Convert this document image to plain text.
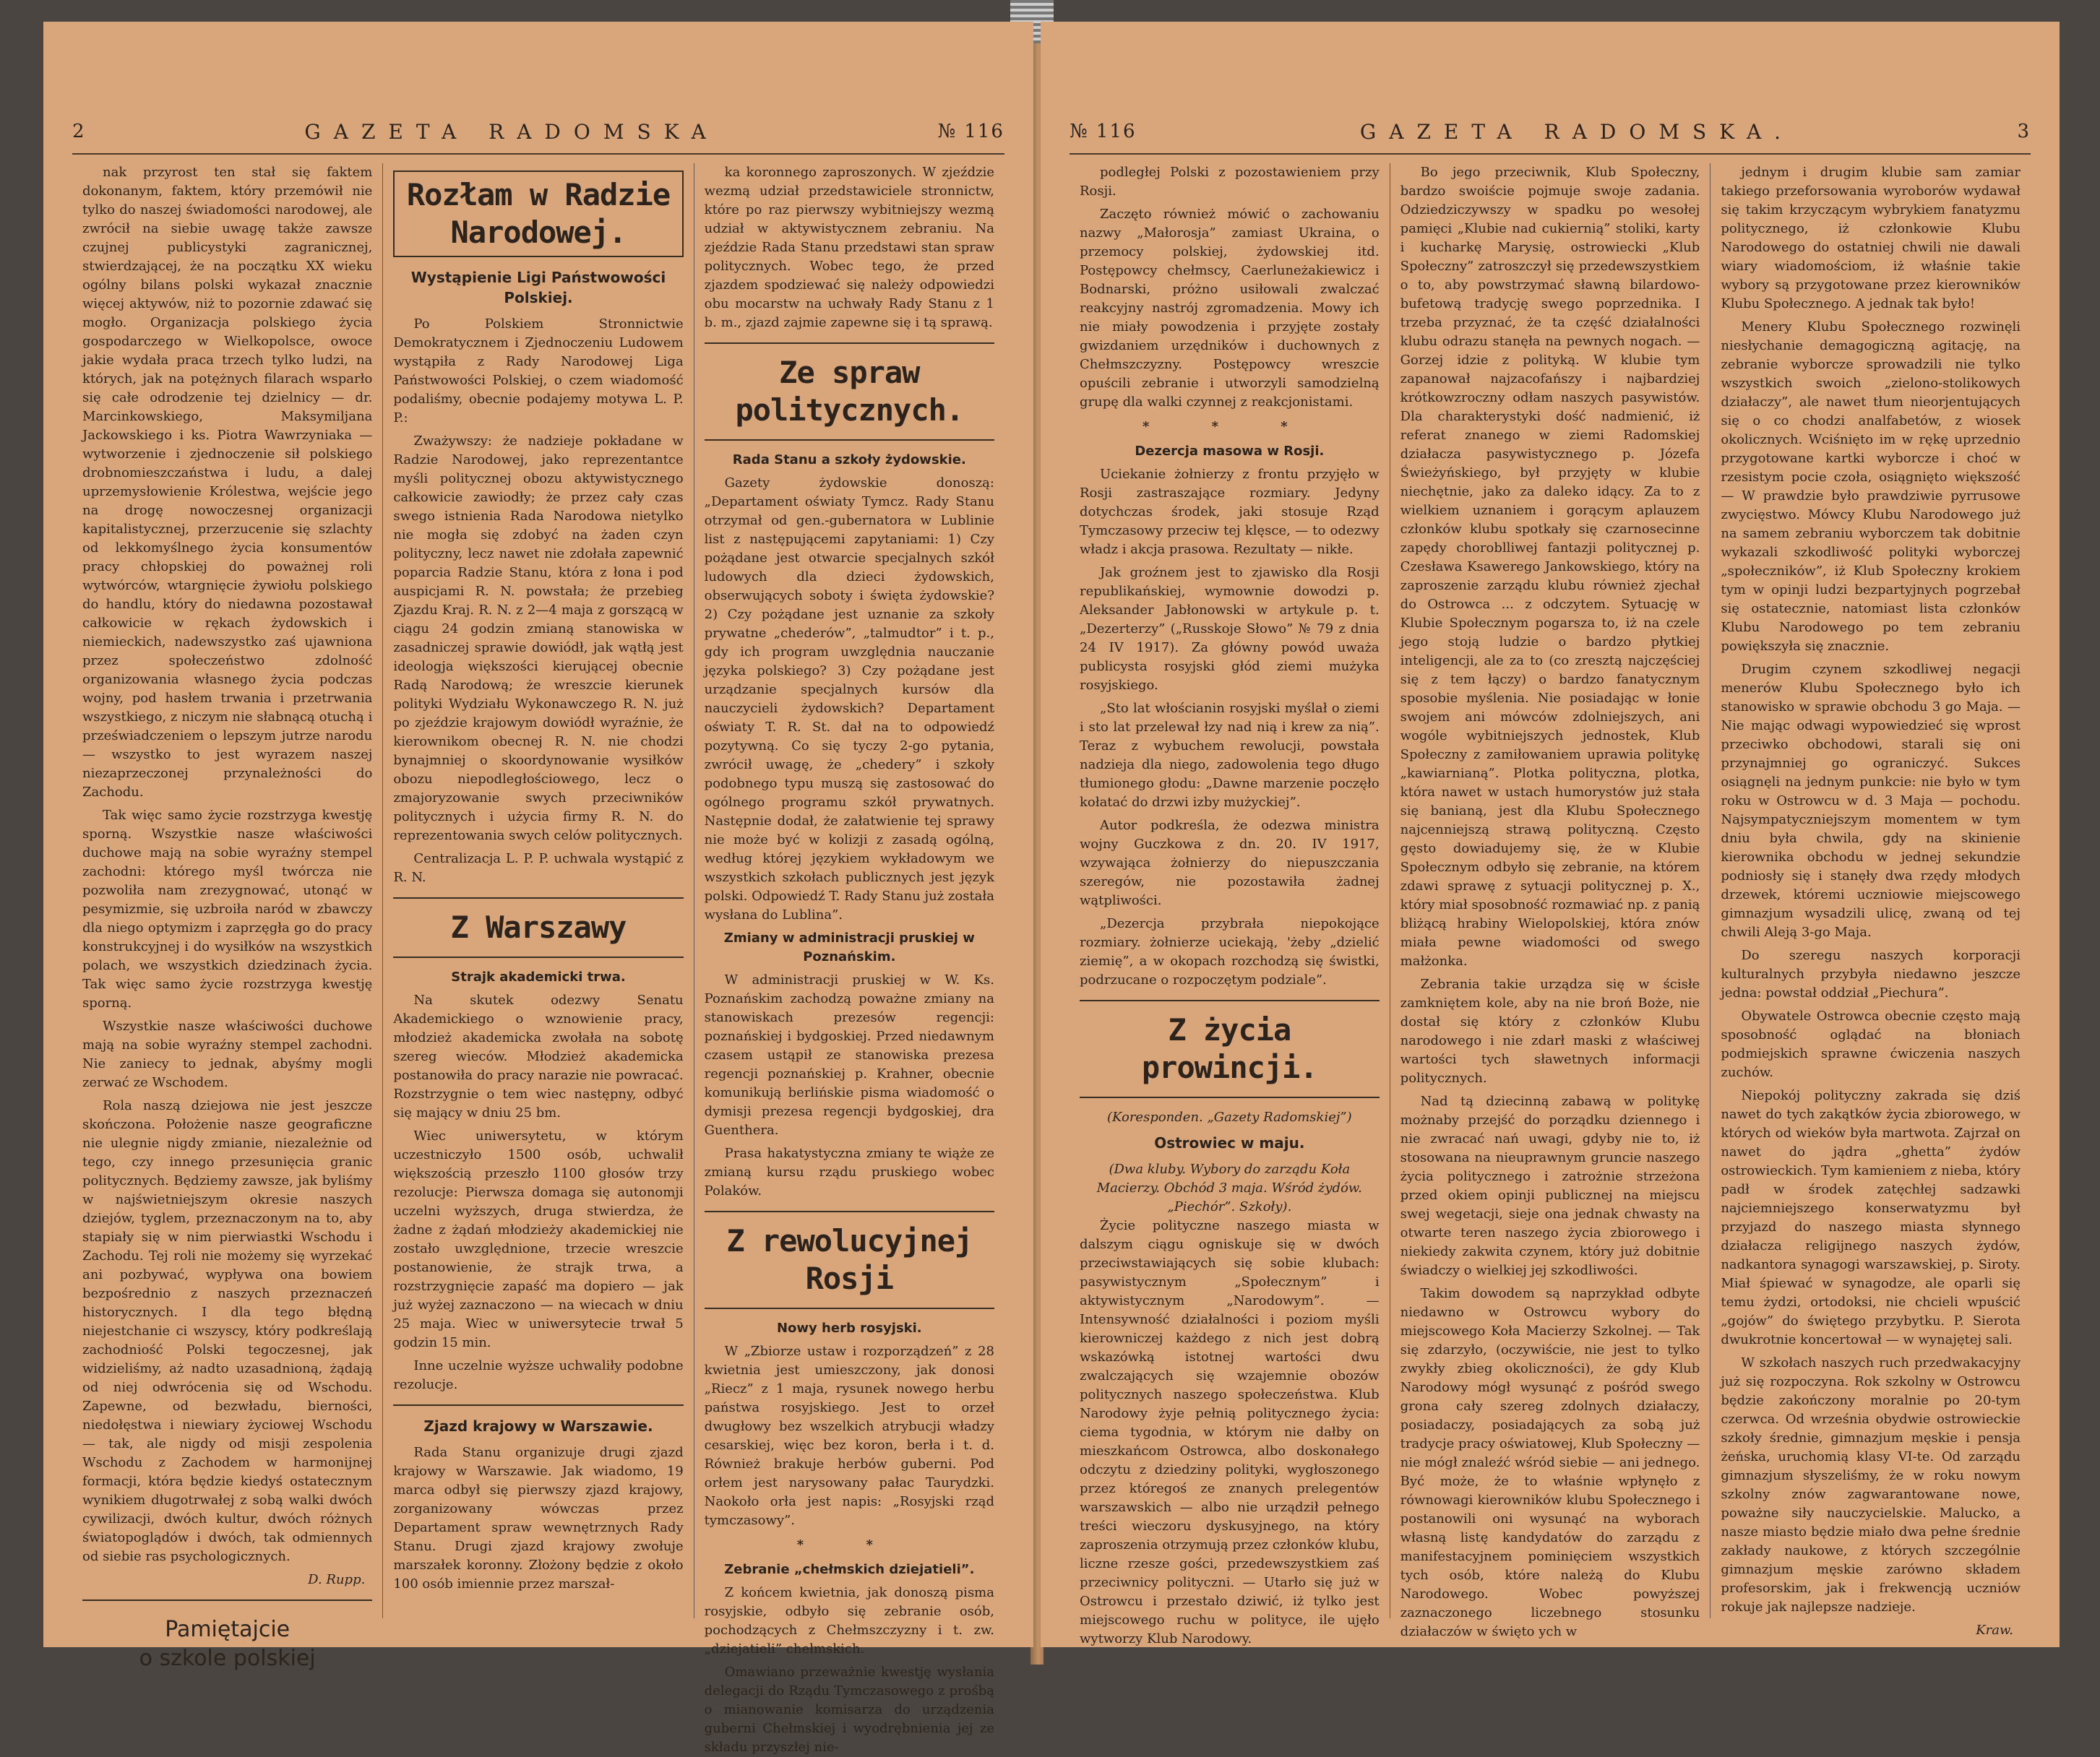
2	GAZETA RADOMSKA	№ 116

nak przyrost ten stał się faktem dokonanym, faktem, który przemówił nie tylko do naszej świadomości narodowej, ale zwrócił na siebie uwagę także zawsze czujnej publicystyki zagranicznej, stwierdzającej, że na początku XX wieku ogólny bilans polski wykazał znacznie więcej aktywów, niż to pozornie zdawać się mogło. Organizacja polskiego życia gospodarczego w Wielkopolsce, owoce jakie wydała praca trzech tylko ludzi, na których, jak na potężnych filarach wsparło się całe odrodzenie tej dzielnicy — dr. Marcinkowskiego, Maksymiljana Jackowskiego i ks. Piotra Wawrzyniaka — wytworzenie i zjednoczenie sił polskiego drobnomieszczaństwa i ludu, a dalej uprzemysłowienie Królestwa, wejście jego na drogę nowoczesnej organizacji kapitalistycznej, przerzucenie się szlachty od lekkomyślnego życia konsumentów pracy chłopskiej do poważnej roli wytwórców, wtargnięcie żywiołu polskiego do handlu, który do niedawna pozostawał całkowicie w rękach żydowskich i niemieckich, nadewszystko zaś ujawniona przez społeczeństwo zdolność organizowania własnego życia podczas wojny, pod hasłem trwania i przetrwania wszystkiego, z niczym nie słabnącą otuchą i przeświadczeniem o lepszym jutrze narodu — wszystko to jest wyrazem naszej niezaprzeczonej przynależności do Zachodu.

Tak więc samo życie rozstrzyga kwestję sporną. Wszystkie nasze właściwości duchowe mają na sobie wyraźny stempel zachodni: którego myśl twórcza nie pozwoliła nam zrezygnować, utonąć w pesymizmie, się uzbroiła naród w zbawczy dla niego optymizm i zaprzęgła go do pracy konstrukcyjnej i do wysiłków na wszystkich polach, we wszystkich dziedzinach życia. Tak więc samo życie rozstrzyga kwestję sporną.

Wszystkie nasze właściwości duchowe mają na sobie wyraźny stempel zachodni. Nie zaniecy to jednak, abyśmy mogli zerwać ze Wschodem.

Rola naszą dziejowa nie jest jeszcze skończona. Położenie nasze geograficzne nie ulegnie nigdy zmianie, niezależnie od tego, czy innego przesunięcia granic politycznych. Będziemy zawsze, jak byliśmy w najświetniejszym okresie naszych dziejów, tyglem, przeznaczonym na to, aby stapiały się w nim pierwiastki Wschodu i Zachodu. Tej roli nie możemy się wyrzekać ani pozbywać, wypływa ona bowiem bezpośrednio z naszych przeznaczeń historycznych. I dla tego błędną niejestchanie ci wszyscy, który podkreślają zachodniość Polski tegoczesnej, jak widzieliśmy, aż nadto uzasadnioną, żądają od niej odwrócenia się od Wschodu. Zapewne, od bezwładu, bierności, niedołęstwa i niewiary życiowej Wschodu — tak, ale nigdy od misji zespolenia Wschodu z Zachodem w harmonijnej formacji, która będzie kiedyś ostatecznym wynikiem długotrwałej z sobą walki dwóch cywilizacji, dwóch kultur, dwóch różnych światopoglądów i dwóch, tak odmiennych od siebie ras psychologicznych.

D. Rupp.
Pamiętajcie
o szkole polskiej
Rozłam w Radzie Narodowej.
Wystąpienie Ligi Państwowości Polskiej.

Po Polskiem Stronnictwie Demokratycznem i Zjednoczeniu Ludowem wystąpiła z Rady Narodowej Liga Państwowości Polskiej, o czem wiadomość podaliśmy, obecnie podajemy motywa L. P. P.:

Zważywszy: że nadzieje pokładane w Radzie Narodowej, jako reprezentantce myśli politycznej obozu aktywistycznego całkowicie zawiodły; że przez cały czas swego istnienia Rada Narodowa nietylko nie mogła się zdobyć na żaden czyn polityczny, lecz nawet nie zdołała zapewnić poparcia Radzie Stanu, która z łona i pod auspicjami R. N. powstała; że przebieg Zjazdu Kraj. R. N. z 2—4 maja z gorszącą w ciągu 24 godzin zmianą stanowiska w zasadniczej sprawie dowiódł, jak wątłą jest ideologja większości kierującej obecnie Radą Narodową; że wreszcie kierunek polityki Wydziału Wykonawczego R. N. już po zjeździe krajowym dowiódł wyraźnie, że kierownikom obecnej R. N. nie chodzi bynajmniej o skoordynowanie wysiłków obozu niepodległościowego, lecz o zmajoryzowanie swych przeciwników politycznych i użycia firmy R. N. do reprezentowania swych celów politycznych.

Centralizacja L. P. P. uchwala wystąpić z R. N.

Z Warszawy
Strajk akademicki trwa.

Na skutek odezwy Senatu Akademickiego o wznowienie pracy, młodzież akademicka zwołała na sobotę szereg wieców. Młodzież akademicka postanowiła do pracy narazie nie powracać. Rozstrzygnie o tem wiec następny, odbyć się mający w dniu 25 bm.

Wiec uniwersytetu, w którym uczestniczyło 1500 osób, uchwalił większością przeszło 1100 głosów trzy rezolucje: Pierwsza domaga się autonomji uczelni wyższych, druga stwierdza, że żadne z żądań młodzieży akademickiej nie zostało uwzględnione, trzecie wreszcie postanowienie, że strajk trwa, a rozstrzygnięcie zapaść ma dopiero — jak już wyżej zaznaczono — na wiecach w dniu 25 maja. Wiec w uniwersytecie trwał 5 godzin 15 min.

Inne uczelnie wyższe uchwaliły podobne rezolucje.

Zjazd krajowy w Warszawie.

Rada Stanu organizuje drugi zjazd krajowy w Warszawie. Jak wiadomo, 19 marca odbył się pierwszy zjazd krajowy, zorganizowany wówczas przez Departament spraw wewnętrznych Rady Stanu. Drugi zjazd krajowy zwołuje marszałek koronny. Złożony będzie z około 100 osób imiennie przez marszał-

ka koronnego zaproszonych. W zjeździe wezmą udział przedstawiciele stronnictw, które po raz pierwszy wybitniejszy wezmą udział w aktywistycznem zebraniu. Na zjeździe Rada Stanu przedstawi stan spraw politycznych. Wobec tego, że przed zjazdem spodziewać się należy odpowiedzi obu mocarstw na uchwały Rady Stanu z 1 b. m., zjazd zajmie zapewne się i tą sprawą.

Ze spraw politycznych.
Rada Stanu a szkoły żydowskie.

Gazety żydowskie donoszą: „Departament oświaty Tymcz. Rady Stanu otrzymał od gen.-gubernatora w Lublinie list z następującemi zapytaniami: 1) Czy pożądane jest otwarcie specjalnych szkół ludowych dla dzieci żydowskich, obserwujących soboty i święta żydowskie? 2) Czy pożądane jest uznanie za szkoły prywatne „chederów”, „talmudtor” i t. p., gdy ich program uwzględnia nauczanie języka polskiego? 3) Czy pożądane jest urządzanie specjalnych kursów dla nauczycieli żydowskich? Departament oświaty T. R. St. dał na to odpowiedź pozytywną. Co się tyczy 2-go pytania, zwrócił uwagę, że „chedery” i szkoły podobnego typu muszą się zastosować do ogólnego programu szkół prywatnych. Następnie dodał, że załatwienie tej sprawy nie może być w kolizji z zasadą ogólną, według której językiem wykładowym we wszystkich szkołach publicznych jest język polski. Odpowiedź T. Rady Stanu już została wysłana do Lublina”.

Zmiany w administracji pruskiej w Poznańskim.

W administracji pruskiej w W. Ks. Poznańskim zachodzą poważne zmiany na stanowiskach prezesów regencji: poznańskiej i bydgoskiej. Przed niedawnym czasem ustąpił ze stanowiska prezesa regencji poznańskiej p. Krahner, obecnie komunikują berlińskie pisma wiadomość o dymisji prezesa regencji bydgoskiej, dra Guenthera.

Prasa hakatystyczna zmiany te wiąże ze zmianą kursu rządu pruskiego wobec Polaków.

Z rewolucyjnej Rosji
Nowy herb rosyjski.

W „Zbiorze ustaw i rozporządzeń” z 28 kwietnia jest umieszczony, jak donosi „Riecz” z 1 maja, rysunek nowego herbu państwa rosyjskiego. Jest to orzeł dwugłowy bez wszelkich atrybucji władzy cesarskiej, więc bez koron, berła i t. d. Również brakuje herbów guberni. Pod orłem jest narysowany pałac Taurydzki. Naokoło orła jest napis: „Rosyjski rząd tymczasowy”.

* *
Zebranie „chełmskich dziejatieli”.

Z końcem kwietnia, jak donoszą pisma rosyjskie, odbyło się zebranie osób, pochodzących z Chełmszczyzny i t. zw. „dziejatieli” chełmskich.

Omawiano przeważnie kwestję wysłania delegacji do Rządu Tymczasowego z prośbą o mianowanie komisarza do urządzenia guberni Chełmskiej i wyodrębnienia jej ze składu przyszłej nie-

№ 116	GAZETA RADOMSKA.	3

podległej Polski z pozostawieniem przy Rosji.

Zaczęto również mówić o zachowaniu nazwy „Małorosja” zamiast Ukraina, o przemocy polskiej, żydowskiej itd. Postępowcy chełmscy, Caerluneżakiewicz i Bodnarski, próżno usiłowali zwalczać reakcyjny nastrój zgromadzenia. Mowy ich nie miały powodzenia i przyjęte zostały gwizdaniem urzędników i duchownych z Chełmszczyzny. Postępowcy wreszcie opuścili zebranie i utworzyli samodzielną grupę dla walki czynnej z reakcjonistami.

* * *
Dezercja masowa w Rosji.

Uciekanie żołnierzy z frontu przyjęło w Rosji zastraszające rozmiary. Jedyny dotychczas środek, jaki stosuje Rząd Tymczasowy przeciw tej klęsce, — to odezwy władz i akcja prasowa. Rezultaty — nikłe.

Jak groźnem jest to zjawisko dla Rosji republikańskiej, wymownie dowodzi p. Aleksander Jabłonowski w artykule p. t. „Dezerterzy” („Russkoje Słowo” № 79 z dnia 24 IV 1917). Za główny powód uważa publicysta rosyjski głód ziemi mużyka rosyjskiego.

„Sto lat włościanin rosyjski myślał o ziemi i sto lat przelewał łzy nad nią i krew za nią”. Teraz z wybuchem rewolucji, powstała nadzieja dla niego, zadowolenia tego długo tłumionego głodu: „Dawne marzenie poczęło kołatać do drzwi izby mużyckiej”.

Autor podkreśla, że odezwa ministra wojny Guczkowa z dn. 20. IV 1917, wzywająca żołnierzy do niepuszczania szeregów, nie pozostawiła żadnej wątpliwości.

„Dezercja przybrała niepokojące rozmiary. żołnierze uciekają, 'żeby „dzielić ziemię”, a w okopach rozchodzą się świstki, podrzucane o rozpoczętym podziale”.

Z życia prowincji.
(Koresponden. „Gazety Radomskiej”)
Ostrowiec w maju.
(Dwa kluby. Wybory do zarządu Koła Macierzy. Obchód 3 maja. Wśród żydów. „Piechór”. Szkoły).

Życie polityczne naszego miasta w dalszym ciągu ogniskuje się w dwóch przeciwstawiających się sobie klubach: pasywistycznym „Społecznym” i aktywistycznym „Narodowym”. — Intensywność działalności i poziom myśli kierowniczej każdego z nich jest dobrą wskazówką istotnej wartości dwu zwalczających się wzajemnie obozów politycznych naszego społeczeństwa. Klub Narodowy żyje pełnią politycznego życia: ciema tygodnia, w którym nie dałby on mieszkańcom Ostrowca, albo doskonałego odczytu z dziedziny polityki, wygłoszonego przez któregoś ze znanych prelegentów warszawskich — albo nie urządził pełnego treści wieczoru dyskusyjnego, na który zaproszenia otrzymują przez członków klubu, liczne rzesze gości, przedewszystkiem zaś przeciwnicy polityczni. — Utarło się już w Ostrowcu i przestało dziwić, iż tylko jest miejscowego ruchu w polityce, ile ujęło wytworzy Klub Narodowy.

Bo jego przeciwnik, Klub Społeczny, bardzo swoiście pojmuje swoje zadania. Odziedziczywszy w spadku po wesołej pamięci „Klubie nad cukiernią” stoliki, karty i kucharkę Marysię, ostrowiecki „Klub Społeczny” zatroszczył się przedewszystkiem o to, aby powstrzymać sławną bilardowo-bufetową tradycję swego poprzednika. I trzeba przyznać, że ta część działalności klubu odrazu stanęła na pewnych nogach. — Gorzej idzie z polityką. W klubie tym zapanował najzacofańszy i najbardziej krótkowzroczny odłam naszych pasywistów. Dla charakterystyki dość nadmienić, iż referat znanego w ziemi Radomskiej działacza pasywistycznego p. Józefa Świeżyńskiego, był przyjęty w klubie niechętnie, jako za daleko idący. Za to z wielkiem uznaniem i gorącym aplauzem członków klubu spotkały się czarnosecinne zapędy choroblliwej fantazji politycznej p. Czesława Ksawerego Jankowskiego, który na zaproszenie zarządu klubu również zjechał do Ostrowca ... z odczytem. Sytuację w Klubie Społecznym pogarsza to, iż na czele jego stoją ludzie o bardzo płytkiej inteligencji, ale za to (co zresztą najczęściej się z tem łączy) o bardzo fanatycznym sposobie myślenia. Nie posiadając w łonie swojem ani mówców zdolniejszych, ani wogóle wybitniejszych jednostek, Klub Społeczny z zamiłowaniem uprawia politykę „kawiarnianą”. Plotka polityczna, plotka, która nawet w ustach humorystów już stała się banianą, jest dla Klubu Społecznego najcenniejszą strawą polityczną. Często gęsto dowiadujemy się, że w Klubie Społecznym odbyło się zebranie, na którem zdawi sprawę z sytuacji politycznej p. X., który miał sposobność rozmawiać np. z panią bliżącą hrabiny Wielopolskiej, która znów miała pewne wiadomości od swego małżonka.

Zebrania takie urządza się w ścisłe zamkniętem kole, aby na nie broń Boże, nie dostał się który z członków Klubu narodowego i nie zdarł maski z właściwej wartości tych sławetnych informacji politycznych.

Nad tą dziecinną zabawą w politykę możnaby przejść do porządku dziennego i nie zwracać nań uwagi, gdyby nie to, iż stosowana na nieuprawnym gruncie naszego życia politycznego i zatrożnie strzeżona przed okiem opinji publicznej na miejscu swej wegetacji, sieje ona jednak chwasty na otwarte teren naszego życia zbiorowego i niekiedy zakwita czynem, który już dobitnie świadczy o wielkiej jej szkodliwości.

Takim dowodem są naprzykład odbyte niedawno w Ostrowcu wybory do miejscowego Koła Macierzy Szkolnej. — Tak się zdarzyło, (oczywiście, nie jest to tylko zwykły zbieg okoliczności), że gdy Klub Narodowy mógł wysunąć z pośród swego grona cały szereg zdolnych działaczy, posiadaczy, posiadających za sobą już tradycje pracy oświatowej, Klub Społeczny — nie mógł znaleźć wśród siebie — ani jednego. Być może, że to właśnie wpłynęło z równowagi kierowników klubu Społecznego i postanowili oni wysunąć na wyborach własną listę kandydatów do zarządu z manifestacyjnem pominięciem wszystkich tych osób, które należą do Klubu Narodowego. Wobec powyższej zaznaczonego liczebnego stosunku działaczów w święto ych w

jednym i drugim klubie sam zamiar takiego przeforsowania wyroborów wydawał się takim krzyczącym wybrykiem fanatyzmu politycznego, iż członkowie Klubu Narodowego do ostatniej chwili nie dawali wiary wiadomościom, iż właśnie takie wybory są przygotowane przez kierowników Klubu Społecznego. A jednak tak było!

Menery Klubu Społecznego rozwinęli niesłychanie demagogiczną agitację, na zebranie wyborcze sprowadzili nie tylko wszystkich swoich „zielono-stolikowych działaczy”, ale nawet tłum nieorjentujących się o co chodzi analfabetów, z wiosek okolicznych. Wciśnięto im w rękę uprzednio przygotowane kartki wyborcze i choć w rzesistym pocie czoła, osiągnięto większość — W prawdzie było prawdziwie pyrrusowe zwycięstwo. Mówcy Klubu Narodowego już na samem zebraniu wyborczem tak dobitnie wykazali szkodliwość polityki wyborczej „społeczników”, iż Klub Społeczny krokiem tym w opinji ludzi bezpartyjnych pogrzebał się ostatecznie, natomiast lista członków Klubu Narodowego po tem zebraniu powiększyła się znacznie.

Drugim czynem szkodliwej negacji menerów Klubu Społecznego było ich stanowisko w sprawie obchodu 3 go Maja. — Nie mając odwagi wypowiedzieć się wprost przeciwko obchodowi, starali się oni przynajmniej go ograniczyć. Sukces osiągnęli na jednym punkcie: nie było w tym roku w Ostrowcu w d. 3 Maja — pochodu. Najsympatyczniejszym momentem w tym dniu była chwila, gdy na skinienie kierownika obchodu w jednej sekundzie podniosły się i stanęły dwa rzędy młodych drzewek, któremi uczniowie miejscowego gimnazjum wysadzili ulicę, zwaną od tej chwili Aleją 3-go Maja.

Do szeregu naszych korporacji kulturalnych przybyła niedawno jeszcze jedna: powstał oddział „Piechura”.

Obywatele Ostrowca obecnie często mają sposobność oglądać na błoniach podmiejskich sprawne ćwiczenia naszych zuchów.

Niepokój polityczny zakrada się dziś nawet do tych zakątków życia zbiorowego, w których od wieków była martwota. Zajrzał on nawet do jądra „ghetta” żydów ostrowieckich. Tym kamieniem z nieba, który padł w środek zatęchłej sadzawki najciemniejszego konserwatyzmu był przyjazd do naszego miasta słynnego działacza religijnego naszych żydów, nadkantora synagogi warszawskiej, p. Siroty. Miał śpiewać w synagodze, ale oparli się temu żydzi, ortodoksi, nie chcieli wpuścić „gojów” do świętego przybytku. P. Sierota dwukrotnie koncertował — w wynajętej sali.

W szkołach naszych ruch przedwakacyjny już się rozpoczyna. Rok szkolny w Ostrowcu będzie zakończony moralnie po 20-tym czerwca. Od września obydwie ostrowieckie szkoły średnie, gimnazjum męskie i pensja żeńska, uruchomią klasy VI-te. Od zarządu gimnazjum słyszeliśmy, że w roku nowym szkolny znów zagwarantowane nowe, poważne siły nauczycielskie. Malucko, a nasze miasto będzie miało dwa pełne średnie zakłady naukowe, z których szczególnie gimnazjum męskie zarówno składem profesorskim, jak i frekwencją uczniów rokuje jak najlepsze nadzieje.

Kraw.
